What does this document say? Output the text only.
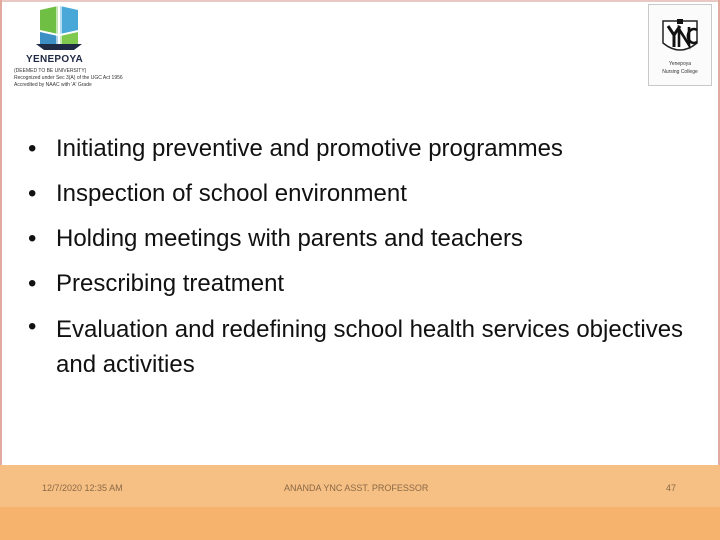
YENEPOYA
(DEEMED TO BE UNIVERSITY)
Recognized under Sec 3(A) of the UGC Act 1956
Accredited by NAAC with 'A' Grade
Yenepoya
Nursing College
• Initiating preventive and promotive programmes
• Inspection of school environment
• Holding meetings with parents and teachers
• Prescribing treatment
• Evaluation and redefining school health services objectives and activities
12/7/2020 12:35 AM	ANANDA YNC ASST. PROFESSOR	47
